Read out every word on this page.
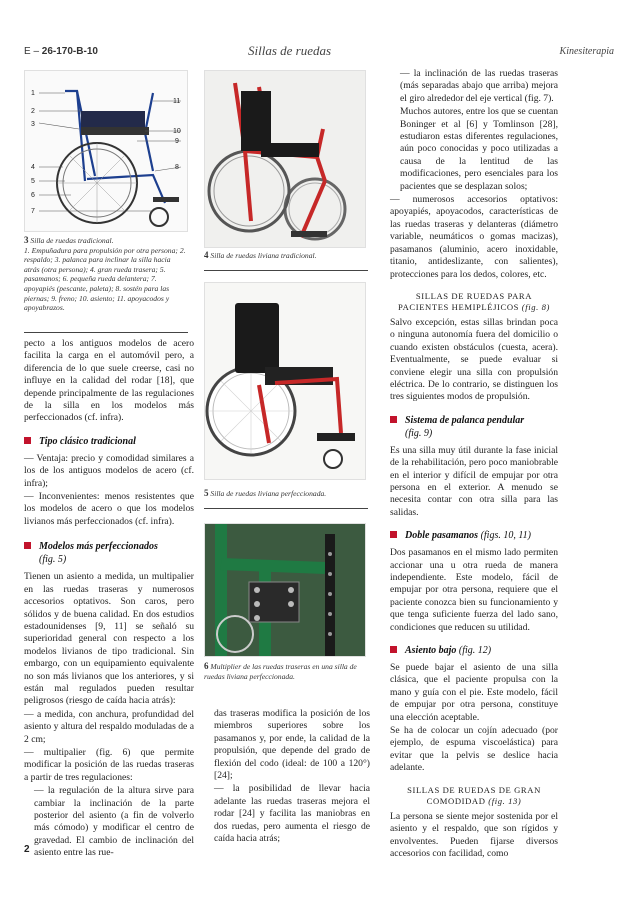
E – 26-170-B-10	Sillas de ruedas	Kinesiterapia
1
2
3
4
5
6
7
8
9
10
11
3 Silla de ruedas tradicional.
1. Empuñadura para propulsión por otra persona; 2. respaldo; 3. palanca para inclinar la silla hacia atrás (otra persona); 4. gran rueda trasera; 5. pasamanos; 6. pequeña rueda delantera; 7. apoyapiés (pescante, paleta); 8. sostén para las piernas; 9. freno; 10. asiento; 11. apoyacodos y apoyabrazos.

pecto a los antiguos modelos de acero facilita la carga en el automóvil pero, a diferencia de lo que suele creerse, casi no influye en la calidad del rodar [18], que depende principalmente de las regulaciones de la silla en los modelos más perfeccionados (cf. infra).

Tipo clásico tradicional

— Ventaja: precio y comodidad similares a los de los antiguos modelos de acero (cf. infra);

— Inconvenientes: menos resistentes que los modelos de acero o que los modelos livianos más perfeccionados (cf. infra).

Modelos más perfeccionados
(fig. 5)

Tienen un asiento a medida, un multipalier en las ruedas traseras y numerosos accesorios optativos. Son caros, pero sólidos y de buena calidad. En dos estudios estadounidenses [9, 11] se señaló su superioridad general con respecto a los modelos livianos de tipo tradicional. Sin embargo, con un equipamiento equivalente no son más livianos que los anteriores, y si están mal regulados pueden resultar peligrosos (riesgo de caída hacia atrás):

— a medida, con anchura, profundidad del asiento y altura del respaldo moduladas de a 2 cm;

— multipalier (fig. 6) que permite modificar la posición de las ruedas traseras a partir de tres regulaciones:

— la regulación de la altura sirve para cambiar la inclinación de la parte posterior del asiento (a fin de volverlo más cómodo) y modificar el centro de gravedad. El cambio de inclinación del asiento entre las rue-

4 Silla de ruedas liviana tradicional.
5 Silla de ruedas liviana perfeccionada.
6 Multiplier de las ruedas traseras en una silla de ruedas liviana perfeccionada.

das traseras modifica la posición de los miembros superiores sobre los pasamanos y, por ende, la calidad de la propulsión, que depende del grado de flexión del codo (ideal: de 100 a 120°) [24];

— la posibilidad de llevar hacia adelante las ruedas traseras mejora el rodar [24] y facilita las maniobras en dos ruedas, pero aumenta el riesgo de caída hacia atrás;

— la inclinación de las ruedas traseras (más separadas abajo que arriba) mejora el giro alrededor del eje vertical (fig. 7).

Muchos autores, entre los que se cuentan Boninger et al [6] y Tomlinson [28], estudiaron estas diferentes regulaciones, aún poco conocidas y poco utilizadas a causa de la lentitud de las modificaciones, pero esenciales para los pacientes que se desplazan solos;

— numerosos accesorios optativos: apoyapiés, apoyacodos, características de las ruedas traseras y delanteras (diámetro variable, neumáticos o gomas macizas), pasamanos (aluminio, acero inoxidable, titanio, antideslizante, con salientes), protecciones para los dedos, colores, etc.

SILLAS DE RUEDAS PARA PACIENTES HEMIPLÉJICOS (fig. 8)

Salvo excepción, estas sillas brindan poca o ninguna autonomía fuera del domicilio o cuando existen obstáculos (cuesta, acera). Eventualmente, se puede evaluar si conviene elegir una silla con propulsión eléctrica. De lo contrario, se distinguen los tres siguientes modos de propulsión.

Sistema de palanca pendular
(fig. 9)

Es una silla muy útil durante la fase inicial de la rehabilitación, pero poco maniobrable en el interior y difícil de empujar por otra persona en el exterior. A menudo se necesita contar con otra silla para las salidas.

Doble pasamanos (figs. 10, 11)

Dos pasamanos en el mismo lado permiten accionar una u otra rueda de manera independiente. Este modelo, fácil de empujar por otra persona, requiere que el paciente conozca bien su funcionamiento y que tenga suficiente fuerza del lado sano, condiciones que reducen su utilidad.

Asiento bajo (fig. 12)

Se puede bajar el asiento de una silla clásica, que el paciente propulsa con la mano y guía con el pie. Este modelo, fácil de empujar por otra persona, constituye una elección aceptable.

Se ha de colocar un cojín adecuado (por ejemplo, de espuma viscoelástica) para evitar que la pelvis se deslice hacia adelante.

SILLAS DE RUEDAS DE GRAN COMODIDAD (fig. 13)

La persona se siente mejor sostenida por el asiento y el respaldo, que son rígidos y envolventes. Pueden fijarse diversos accesorios con facilidad, como

2
